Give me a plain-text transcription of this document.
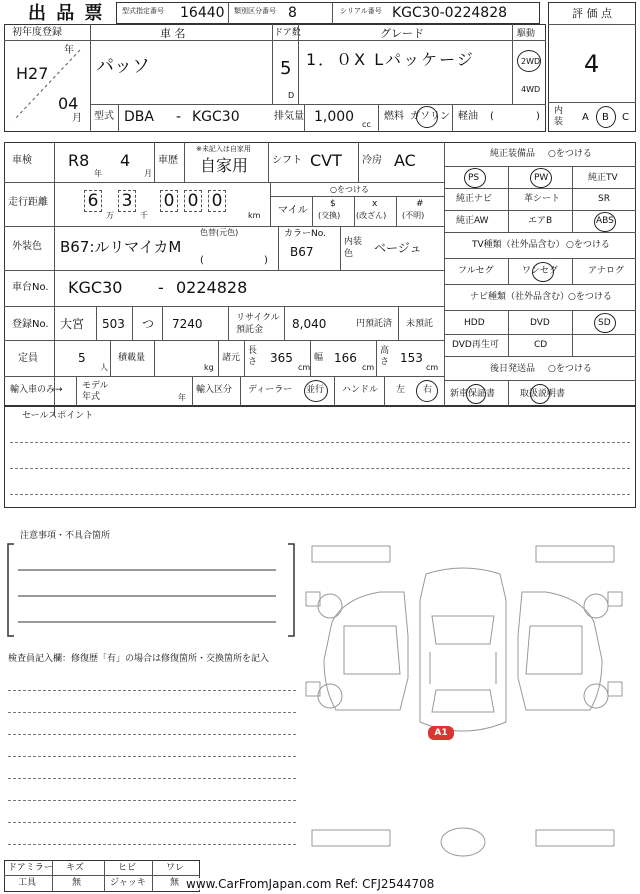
出 品 票 型式指定番号 16440 類別区分番号 8	シリアル番号 KGC30-0224828	評 価 点
4
内装 A B C
初年度登録
年
H27
04
月
車 名
パッソ
ドア数
5
D
グレード
1．０X Lパッケージ
駆動
2WD
4WD
型式 DBA - KGC30	排気量 1,000 cc
燃料 ガソリン 軽油 (	)
車検 R8
年
4
月
車歴
※未記入は自家用
自家用 シフト CVT 冷房 AC
走行距離 6
万
3
千
0 0 0
km
○をつける
マイル
$
(交換)
x
(改ざん)
#
(不明)
外装色
色替(元色)
B67:ルリマイカM
(	)
カラーNo.
B67
内装色	ベージュ
車台No. KGC30 - 0224828
登録No. 大宮 503 つ 7240	リサイクル預託金	8,040	円預託済 未預託
定員	5
人
積載量
kg
諸元
長さ 365
cm
幅 166
cm
高さ 153
cm
輸入車のみ→ モデル年式	年
輸入区分 ディーラー 並行 ハンドル 左 右
純正装備品 ○をつける
PS	PW	純正TV
純正ナビ	革シート	SR
純正AW	エアB	ABS
TV種類（社外品含む） ○をつける
フルセグ	ワンセグ	アナログ
ナビ種類（社外品含む）
○をつける
HDD	DVD	SD
DVD再生可	CD
後日発送品 ○をつける
新車保証書	取扱説明書
セールスポイント
注意事項・不具合箇所
検査員記入欄：修復歴「有」の場合は修復箇所・交換箇所を記入
A1
ドアミラー キズ	ヒビ	ワレ
工具	無	ジャッキ	無 www.CarFromJapan.com Ref: CFJ2544708
